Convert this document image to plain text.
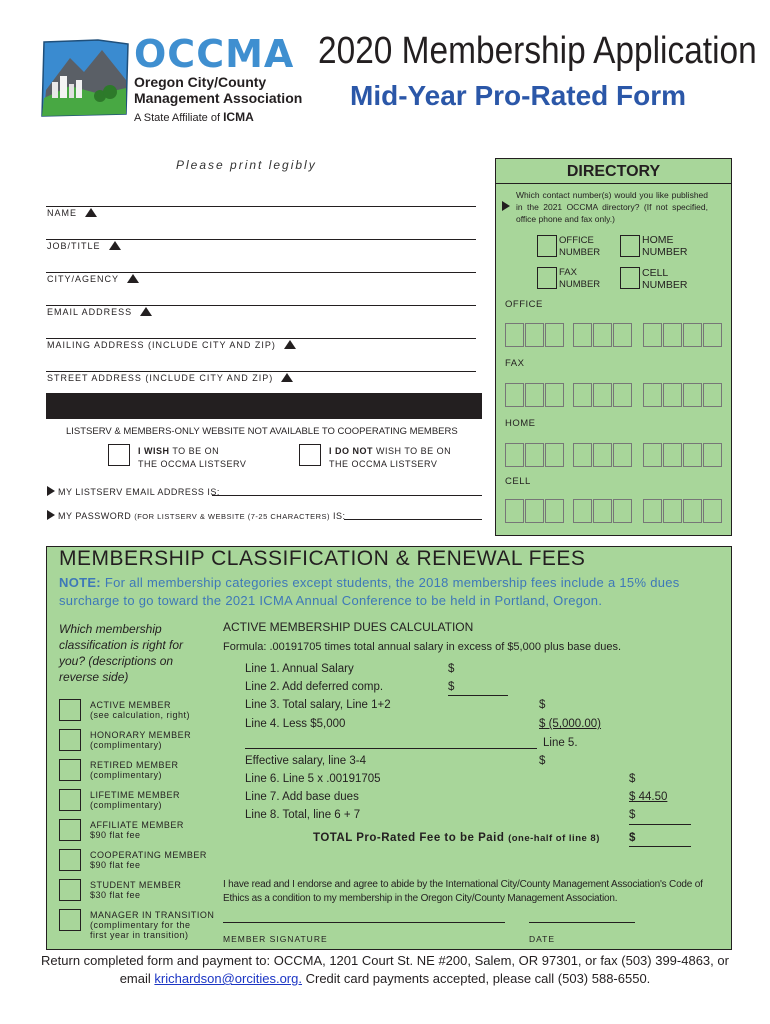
OCCMA
Oregon City/County
Management Association
A State Affiliate of ICMA
2020 Membership Application
Mid-Year Pro-Rated Form
Please print legibly
NAME
JOB/TITLE
CITY/AGENCY
EMAIL ADDRESS
MAILING ADDRESS (INCLUDE CITY AND ZIP)
STREET ADDRESS (INCLUDE CITY AND ZIP)
LISTSERV & MEMBERS-ONLY WEBSITE NOT AVAILABLE TO COOPERATING MEMBERS
I WISH TO BE ON
THE OCCMA LISTSERV
I DO NOT WISH TO BE ON
THE OCCMA LISTSERV
MY LISTSERV EMAIL ADDRESS IS:
MY PASSWORD (FOR LISTSERV & WEBSITE (7-25 CHARACTERS) IS:
DIRECTORY
Which contact number(s) would you like published in the 2021 OCCMA directory? (If not specified, office phone and fax only.)
OFFICE
NUMBER
HOME
NUMBER
FAX
NUMBER
CELL
NUMBER
OFFICE
FAX
HOME
CELL
MEMBERSHIP CLASSIFICATION & RENEWAL FEES
NOTE: For all membership categories except students, the 2018 membership fees include a 15% dues surcharge to go toward the 2021 ICMA Annual Conference to be held in Portland, Oregon.
Which membership classification is right for you? (descriptions on reverse side)
ACTIVE MEMBER
(see calculation, right)
HONORARY MEMBER
(complimentary)
RETIRED MEMBER
(complimentary)
LIFETIME MEMBER
(complimentary)
AFFILIATE MEMBER
$90 flat fee
COOPERATING MEMBER
$90 flat fee
STUDENT MEMBER
$30 flat fee
MANAGER IN TRANSITION
(complimentary for the
first year in transition)
ACTIVE MEMBERSHIP DUES CALCULATION
Formula: .00191705 times total annual salary in excess of $5,000 plus base dues.
Line 1. Annual Salary	$
Line 2. Add deferred comp.	$
Line 3. Total salary, Line 1+2	$
Line 4. Less $5,000	$ (5,000.00)
Line 5.
Effective salary, line 3-4	$
Line 6. Line 5 x .00191705	$
Line 7. Add base dues	$ 44.50
Line 8. Total, line 6 + 7	$
TOTAL Pro-Rated Fee to be Paid (one-half of line 8)	$
I have read and I endorse and agree to abide by the International City/County Management Association's Code of Ethics as a condition to my membership in the Oregon City/County Management Association.
MEMBER SIGNATURE	DATE
Return completed form and payment to: OCCMA, 1201 Court St. NE #200, Salem, OR 97301, or fax (503) 399-4863, or
email krichardson@orcities.org. Credit card payments accepted, please call (503) 588-6550.
